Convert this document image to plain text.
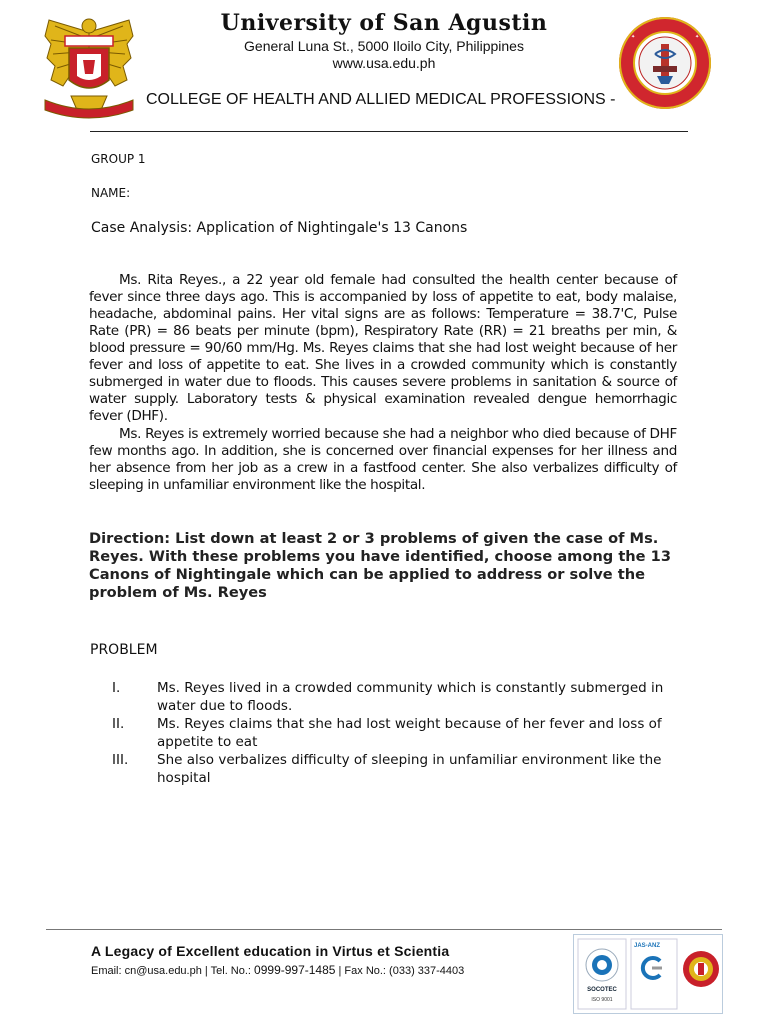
✦	✦
University of San Agustin
General Luna St., 5000 Iloilo City, Philippines
www.usa.edu.ph
COLLEGE OF HEALTH AND ALLIED MEDICAL PROFESSIONS -
GROUP 1
NAME:
Case Analysis: Application of Nightingale's 13 Canons
Ms. Rita Reyes., a 22 year old female had consulted the health center because of fever since three days ago. This is accompanied by loss of appetite to eat, body malaise, headache, abdominal pains. Her vital signs are as follows: Temperature = 38.7'C, Pulse Rate (PR) = 86 beats per minute (bpm), Respiratory Rate (RR) = 21 breaths per min, & blood pressure = 90/60 mm/Hg. Ms. Reyes claims that she had lost weight because of her fever and loss of appetite to eat. She lives in a crowded community which is constantly submerged in water due to floods. This causes severe problems in sanitation & source of water supply. Laboratory tests & physical examination revealed dengue hemorrhagic fever (DHF).
Ms. Reyes is extremely worried because she had a neighbor who died because of DHF few months ago. In addition, she is concerned over financial expenses for her illness and her absence from her job as a crew in a fastfood center. She also verbalizes difficulty of sleeping in unfamiliar environment like the hospital.
Direction: List down at least 2 or 3 problems of given the case of Ms. Reyes. With these problems you have identified, choose among the 13 Canons of Nightingale which can be applied to address or solve the problem of Ms. Reyes
PROBLEM
I.	Ms. Reyes lived in a crowded community which is constantly submerged in water due to floods.
II.	Ms. Reyes claims that she had lost weight because of her fever and loss of appetite to eat
III.	She also verbalizes difficulty of sleeping in unfamiliar environment like the hospital
A Legacy of Excellent education in Virtus et Scientia
Email: cn@usa.edu.ph | Tel. No.: 0999-997-1485 | Fax No.: (033) 337-4403
SOCOTEC
ISO 9001
JAS-ANZ
